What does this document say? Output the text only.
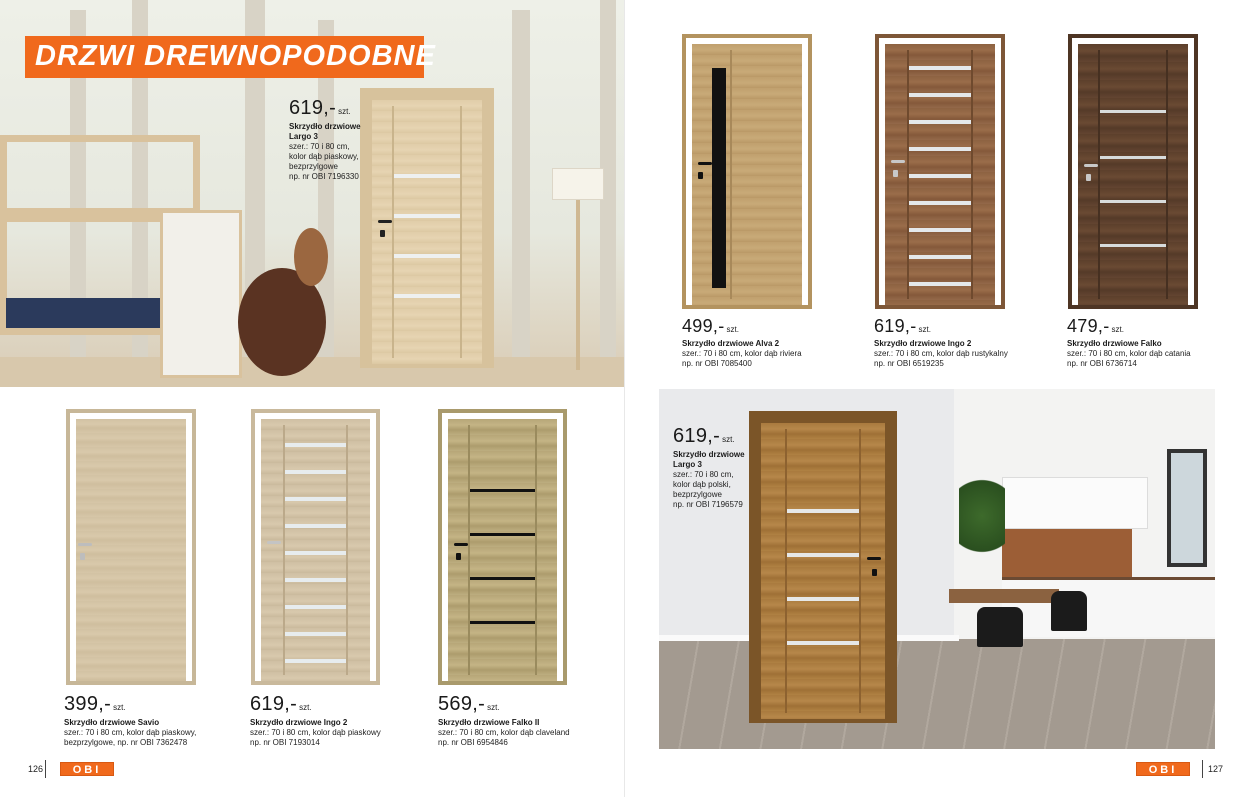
619,- szt.
Skrzydło drzwiowe Largo 3
szer.: 70 i 80 cm,
kolor dąb piaskowy,
bezprzylgowe
np. nr OBI 7196330
DRZWI DREWNOPODOBNE
399,- szt.
Skrzydło drzwiowe Savio
szer.: 70 i 80 cm, kolor dąb piaskowy,
bezprzylgowe, np. nr OBI 7362478
619,- szt.
Skrzydło drzwiowe Ingo 2
szer.: 70 i 80 cm, kolor dąb piaskowy
np. nr OBI 7193014
569,- szt.
Skrzydło drzwiowe Falko II
szer.: 70 i 80 cm, kolor dąb claveland
np. nr OBI 6954846
126	OBI
499,- szt.
Skrzydło drzwiowe Alva 2
szer.: 70 i 80 cm, kolor dąb riviera
np. nr OBI 7085400
619,- szt.
Skrzydło drzwiowe Ingo 2
szer.: 70 i 80 cm, kolor dąb rustykalny
np. nr OBI 6519235
479,- szt.
Skrzydło drzwiowe Falko
szer.: 70 i 80 cm, kolor dąb catania
np. nr OBI 6736714
619,- szt.
Skrzydło drzwiowe
Largo 3
szer.: 70 i 80 cm,
kolor dąb polski,
bezprzylgowe
np. nr OBI 7196579
OBI	127
